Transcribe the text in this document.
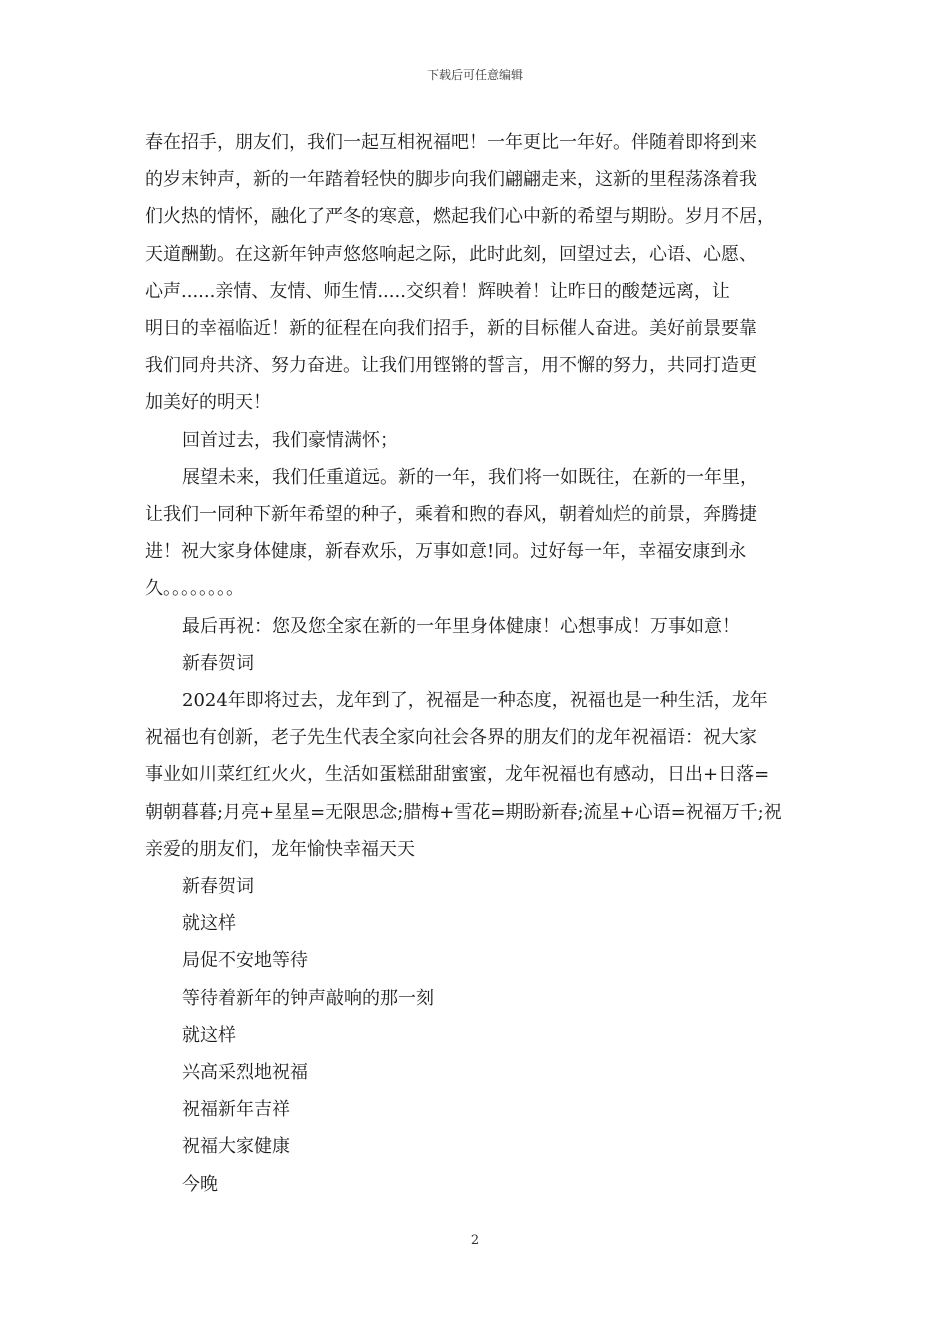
下载后可任意编辑

春在招手，朋友们，我们一起互相祝福吧！一年更比一年好。伴随着即将到来

的岁末钟声，新的一年踏着轻快的脚步向我们翩翩走来，这新的里程荡涤着我

们火热的情怀，融化了严冬的寒意，燃起我们心中新的希望与期盼。岁月不居，

天道酬勤。在这新年钟声悠悠响起之际，此时此刻，回望过去，心语、心愿、

心声......亲情、友情、师生情.....交织着！辉映着！让昨日的酸楚远离，让

明日的幸福临近！新的征程在向我们招手，新的目标催人奋进。美好前景要靠

我们同舟共济、努力奋进。让我们用铿锵的誓言，用不懈的努力，共同打造更

加美好的明天！

回首过去，我们豪情满怀；

展望未来，我们任重道远。新的一年，我们将一如既往，在新的一年里，

让我们一同种下新年希望的种子，乘着和煦的春风，朝着灿烂的前景，奔腾捷

进！祝大家身体健康，新春欢乐，万事如意!同。过好每一年，幸福安康到永

久。。。。。。。。

最后再祝：您及您全家在新的一年里身体健康！心想事成！万事如意！

新春贺词

2024年即将过去，龙年到了，祝福是一种态度，祝福也是一种生活，龙年

祝福也有创新，老子先生代表全家向社会各界的朋友们的龙年祝福语：祝大家

事业如川菜红红火火，生活如蛋糕甜甜蜜蜜，龙年祝福也有感动，日出+日落=

朝朝暮暮;月亮+星星=无限思念;腊梅+雪花=期盼新春;流星+心语=祝福万千;祝

亲爱的朋友们，龙年愉快幸福天天

新春贺词

就这样

局促不安地等待

等待着新年的钟声敲响的那一刻

就这样

兴高采烈地祝福

祝福新年吉祥

祝福大家健康

今晚

2
